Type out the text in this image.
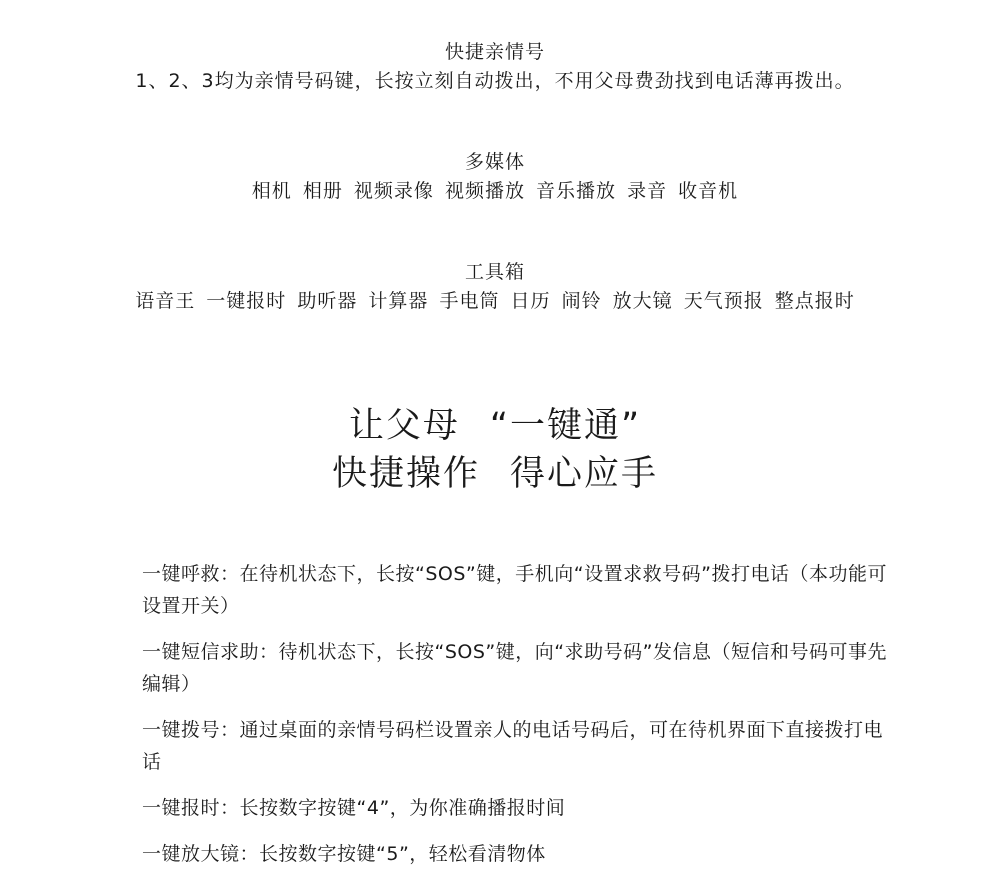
快捷亲情号
1、2、3均为亲情号码键，长按立刻自动拨出，不用父母费劲找到电话薄再拨出。
多媒体
相机 相册 视频录像 视频播放 音乐播放 录音 收音机
工具箱
语音王 一键报时 助听器 计算器 手电筒 日历 闹铃 放大镜 天气预报 整点报时
让父母 “一键通”
快捷操作 得心应手
一键呼救：在待机状态下，长按“SOS”键，手机向“设置求救号码”拨打电话（本功能可设置开关）
一键短信求助：待机状态下，长按“SOS”键，向“求助号码”发信息（短信和号码可事先编辑）
一键拨号：通过桌面的亲情号码栏设置亲人的电话号码后，可在待机界面下直接拨打电话
一键报时：长按数字按键“4”，为你准确播报时间
一键放大镜：长按数字按键“5”，轻松看清物体
